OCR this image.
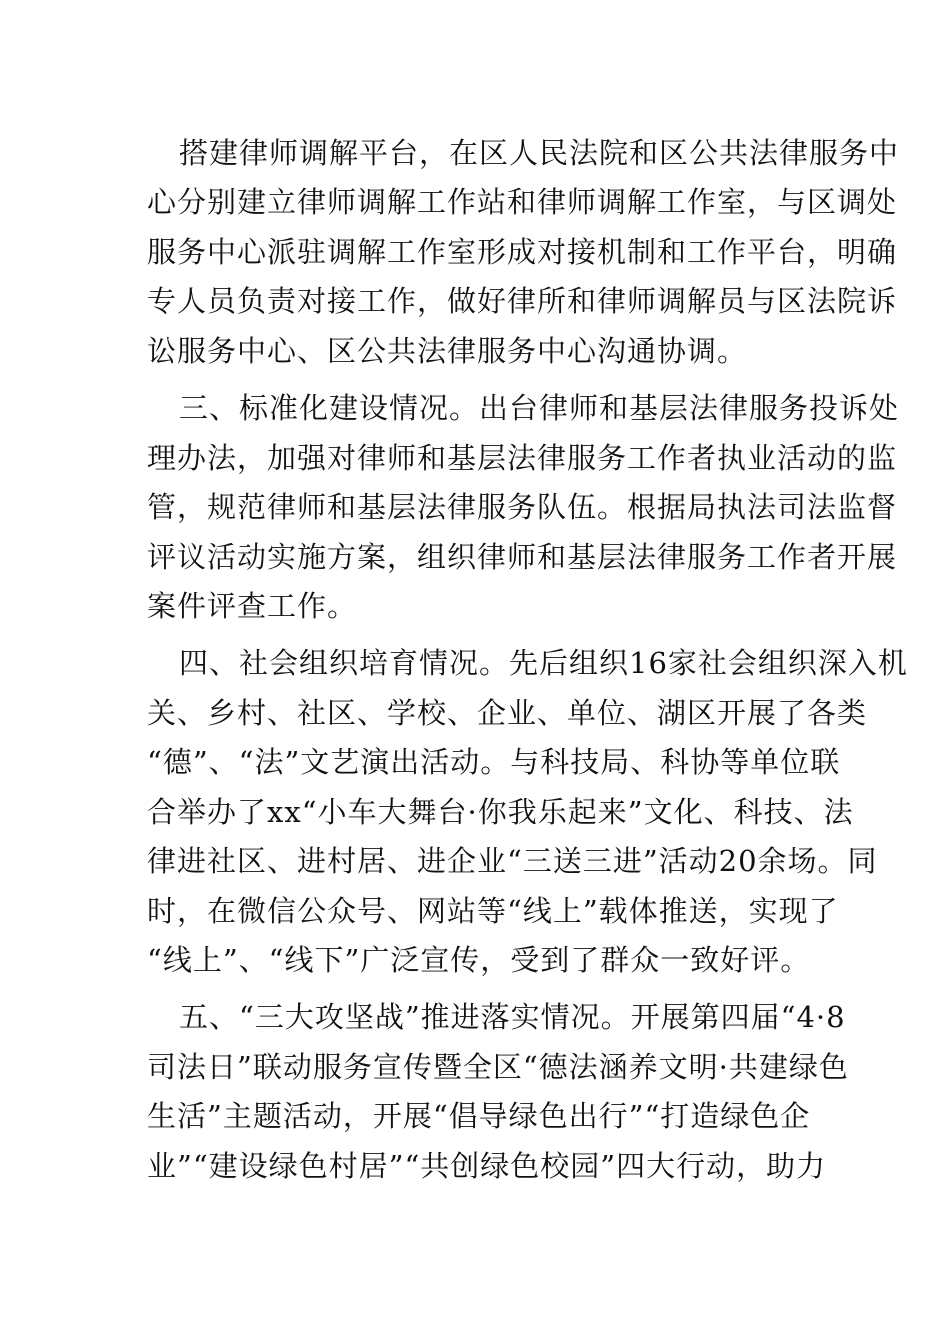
搭建律师调解平台，在区人民法院和区公共法律服务中

心分别建立律师调解工作站和律师调解工作室，与区调处

服务中心派驻调解工作室形成对接机制和工作平台，明确

专人员负责对接工作，做好律所和律师调解员与区法院诉

讼服务中心、区公共法律服务中心沟通协调。

三、标准化建设情况。出台律师和基层法律服务投诉处

理办法，加强对律师和基层法律服务工作者执业活动的监

管，规范律师和基层法律服务队伍。根据局执法司法监督

评议活动实施方案，组织律师和基层法律服务工作者开展

案件评查工作。

四、社会组织培育情况。先后组织16家社会组织深入机

关、乡村、社区、学校、企业、单位、湖区开展了各类

“德”、“法”文艺演出活动。与科技局、科协等单位联

合举办了xx“小车大舞台·你我乐起来”文化、科技、法

律进社区、进村居、进企业“三送三进”活动20余场。同

时，在微信公众号、网站等“线上”载体推送，实现了

“线上”、“线下”广泛宣传，受到了群众一致好评。

五、“三大攻坚战”推进落实情况。开展第四届“4·8

司法日”联动服务宣传暨全区“德法涵养文明·共建绿色

生活”主题活动，开展“倡导绿色出行”“打造绿色企

业”“建设绿色村居”“共创绿色校园”四大行动，助力
